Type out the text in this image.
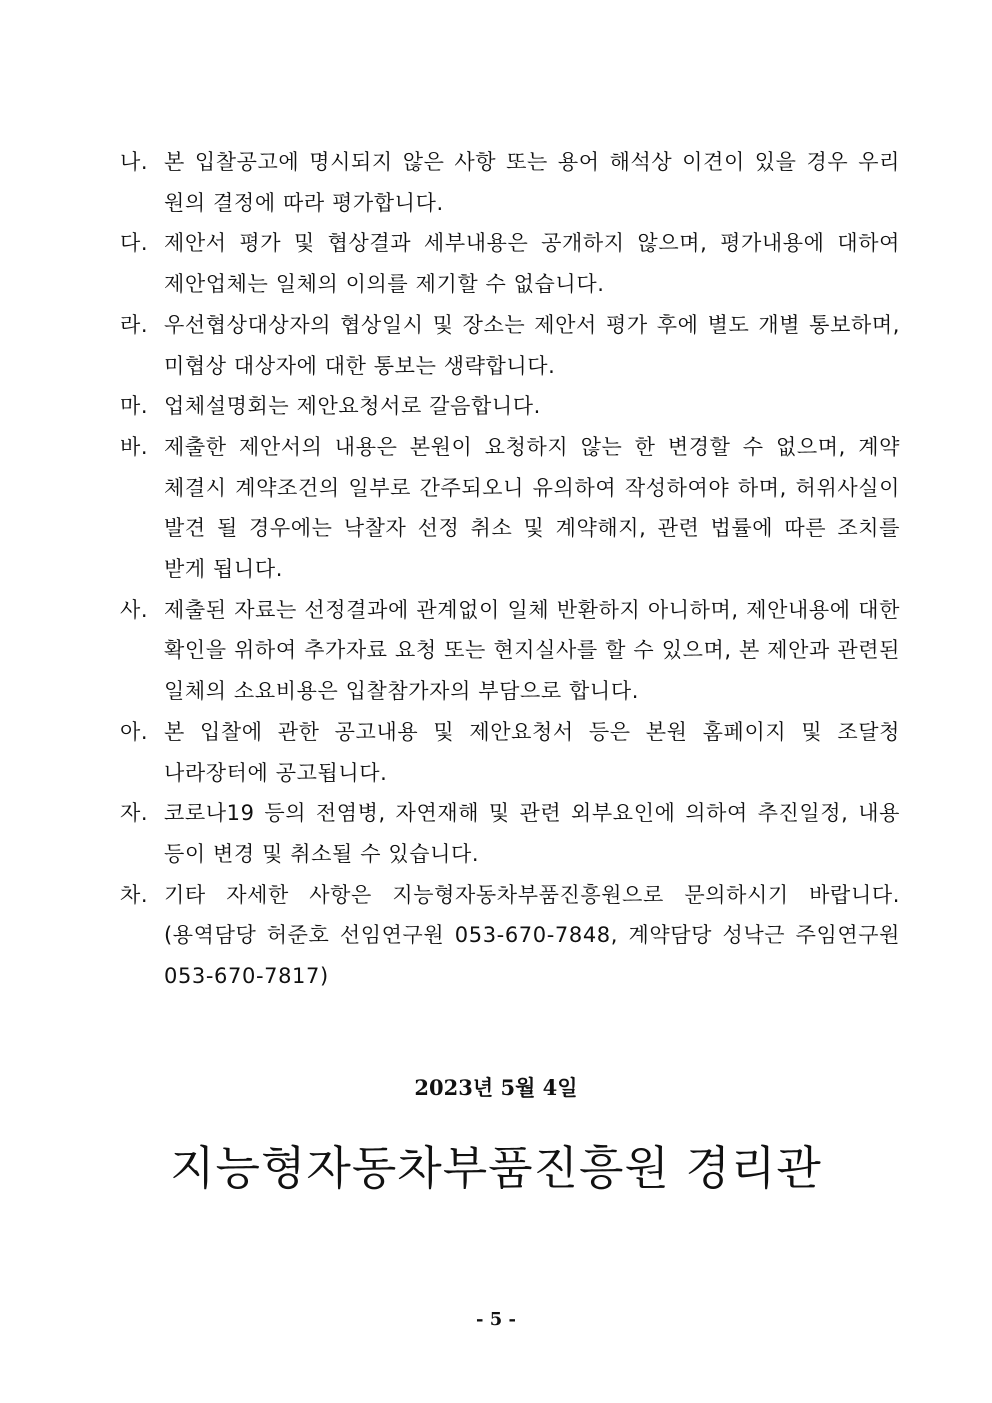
나. 본 입찰공고에 명시되지 않은 사항 또는 용어 해석상 이견이 있을 경우 우리 원의 결정에 따라 평가합니다.
다. 제안서 평가 및 협상결과 세부내용은 공개하지 않으며, 평가내용에 대하여 제안업체는 일체의 이의를 제기할 수 없습니다.
라. 우선협상대상자의 협상일시 및 장소는 제안서 평가 후에 별도 개별 통보하며, 미협상 대상자에 대한 통보는 생략합니다.
마. 업체설명회는 제안요청서로 갈음합니다.
바. 제출한 제안서의 내용은 본원이 요청하지 않는 한 변경할 수 없으며, 계약 체결시 계약조건의 일부로 간주되오니 유의하여 작성하여야 하며, 허위사실이 발견 될 경우에는 낙찰자 선정 취소 및 계약해지, 관련 법률에 따른 조치를 받게 됩니다.
사. 제출된 자료는 선정결과에 관계없이 일체 반환하지 아니하며, 제안내용에 대한 확인을 위하여 추가자료 요청 또는 현지실사를 할 수 있으며, 본 제안과 관련된 일체의 소요비용은 입찰참가자의 부담으로 합니다.
아. 본 입찰에 관한 공고내용 및 제안요청서 등은 본원 홈페이지 및 조달청 나라장터에 공고됩니다.
자. 코로나19 등의 전염병, 자연재해 및 관련 외부요인에 의하여 추진일정, 내용 등이 변경 및 취소될 수 있습니다.
차. 기타 자세한 사항은 지능형자동차부품진흥원으로 문의하시기 바랍니다.(용역담당 허준호 선임연구원 053-670-7848, 계약담당 성낙근 주임연구원 053-670-7817)
2023년 5월 4일
지능형자동차부품진흥원 경리관
- 5 -
